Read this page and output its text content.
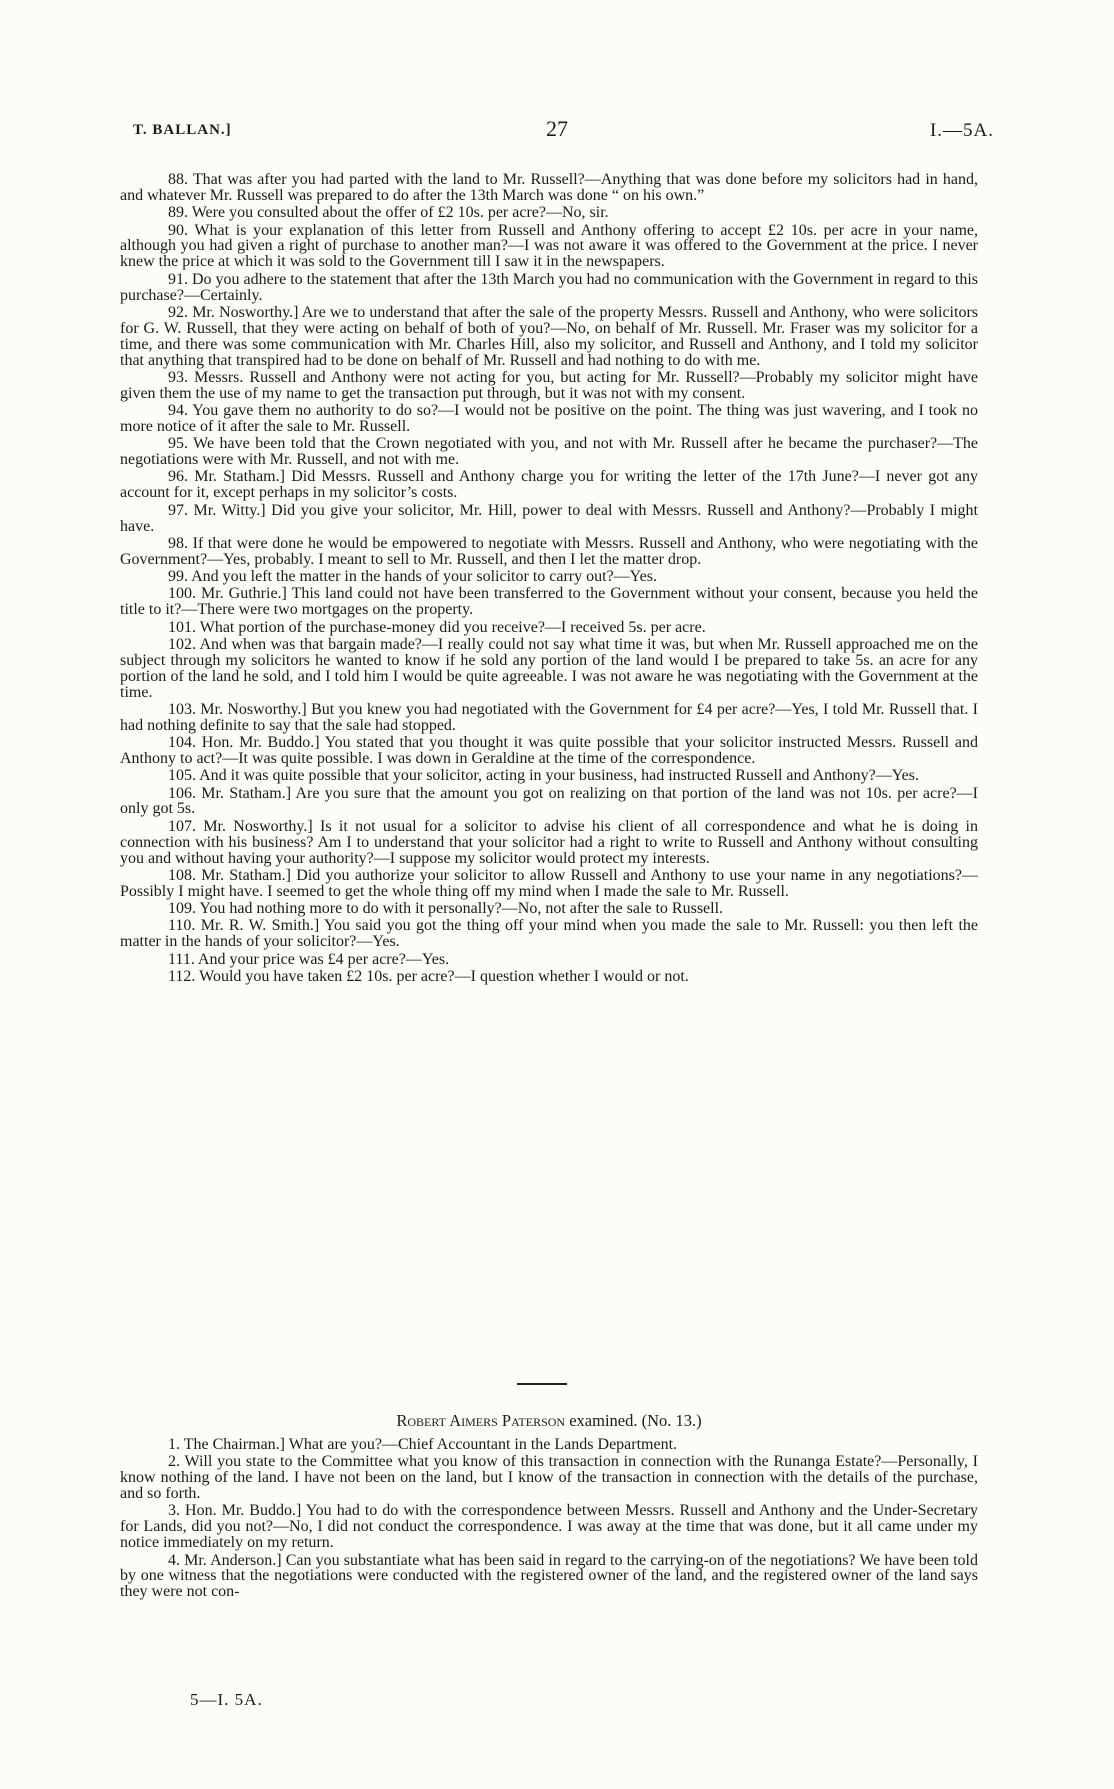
T. BALLAN.]	27	I.—5A.

88. That was after you had parted with the land to Mr. Russell?—Anything that was done before my solicitors had in hand, and whatever Mr. Russell was prepared to do after the 13th March was done “ on his own.”

89. Were you consulted about the offer of £2 10s. per acre?—No, sir.

90. What is your explanation of this letter from Russell and Anthony offering to accept £2 10s. per acre in your name, although you had given a right of purchase to another man?—I was not aware it was offered to the Government at the price. I never knew the price at which it was sold to the Government till I saw it in the newspapers.

91. Do you adhere to the statement that after the 13th March you had no communication with the Government in regard to this purchase?—Certainly.

92. Mr. Nosworthy.] Are we to understand that after the sale of the property Messrs. Russell and Anthony, who were solicitors for G. W. Russell, that they were acting on behalf of both of you?—No, on behalf of Mr. Russell. Mr. Fraser was my solicitor for a time, and there was some communication with Mr. Charles Hill, also my solicitor, and Russell and Anthony, and I told my solicitor that anything that transpired had to be done on behalf of Mr. Russell and had nothing to do with me.

93. Messrs. Russell and Anthony were not acting for you, but acting for Mr. Russell?—Probably my solicitor might have given them the use of my name to get the transaction put through, but it was not with my consent.

94. You gave them no authority to do so?—I would not be positive on the point. The thing was just wavering, and I took no more notice of it after the sale to Mr. Russell.

95. We have been told that the Crown negotiated with you, and not with Mr. Russell after he became the purchaser?—The negotiations were with Mr. Russell, and not with me.

96. Mr. Statham.] Did Messrs. Russell and Anthony charge you for writing the letter of the 17th June?—I never got any account for it, except perhaps in my solicitor’s costs.

97. Mr. Witty.] Did you give your solicitor, Mr. Hill, power to deal with Messrs. Russell and Anthony?—Probably I might have.

98. If that were done he would be empowered to negotiate with Messrs. Russell and Anthony, who were negotiating with the Government?—Yes, probably. I meant to sell to Mr. Russell, and then I let the matter drop.

99. And you left the matter in the hands of your solicitor to carry out?—Yes.

100. Mr. Guthrie.] This land could not have been transferred to the Government without your consent, because you held the title to it?—There were two mortgages on the property.

101. What portion of the purchase-money did you receive?—I received 5s. per acre.

102. And when was that bargain made?—I really could not say what time it was, but when Mr. Russell approached me on the subject through my solicitors he wanted to know if he sold any portion of the land would I be prepared to take 5s. an acre for any portion of the land he sold, and I told him I would be quite agreeable. I was not aware he was negotiating with the Government at the time.

103. Mr. Nosworthy.] But you knew you had negotiated with the Government for £4 per acre?—Yes, I told Mr. Russell that. I had nothing definite to say that the sale had stopped.

104. Hon. Mr. Buddo.] You stated that you thought it was quite possible that your solicitor instructed Messrs. Russell and Anthony to act?—It was quite possible. I was down in Geraldine at the time of the correspondence.

105. And it was quite possible that your solicitor, acting in your business, had instructed Russell and Anthony?—Yes.

106. Mr. Statham.] Are you sure that the amount you got on realizing on that portion of the land was not 10s. per acre?—I only got 5s.

107. Mr. Nosworthy.] Is it not usual for a solicitor to advise his client of all correspondence and what he is doing in connection with his business? Am I to understand that your solicitor had a right to write to Russell and Anthony without consulting you and without having your authority?—I suppose my solicitor would protect my interests.

108. Mr. Statham.] Did you authorize your solicitor to allow Russell and Anthony to use your name in any negotiations?—Possibly I might have. I seemed to get the whole thing off my mind when I made the sale to Mr. Russell.

109. You had nothing more to do with it personally?—No, not after the sale to Russell.

110. Mr. R. W. Smith.] You said you got the thing off your mind when you made the sale to Mr. Russell: you then left the matter in the hands of your solicitor?—Yes.

111. And your price was £4 per acre?—Yes.

112. Would you have taken £2 10s. per acre?—I question whether I would or not.

Robert Aimers Paterson examined. (No. 13.)

1. The Chairman.] What are you?—Chief Accountant in the Lands Department.

2. Will you state to the Committee what you know of this transaction in connection with the Runanga Estate?—Personally, I know nothing of the land. I have not been on the land, but I know of the transaction in connection with the details of the purchase, and so forth.

3. Hon. Mr. Buddo.] You had to do with the correspondence between Messrs. Russell and Anthony and the Under-Secretary for Lands, did you not?—No, I did not conduct the correspondence. I was away at the time that was done, but it all came under my notice immediately on my return.

4. Mr. Anderson.] Can you substantiate what has been said in regard to the carrying-on of the negotiations? We have been told by one witness that the negotiations were conducted with the registered owner of the land, and the registered owner of the land says they were not con-

5—I. 5A.
